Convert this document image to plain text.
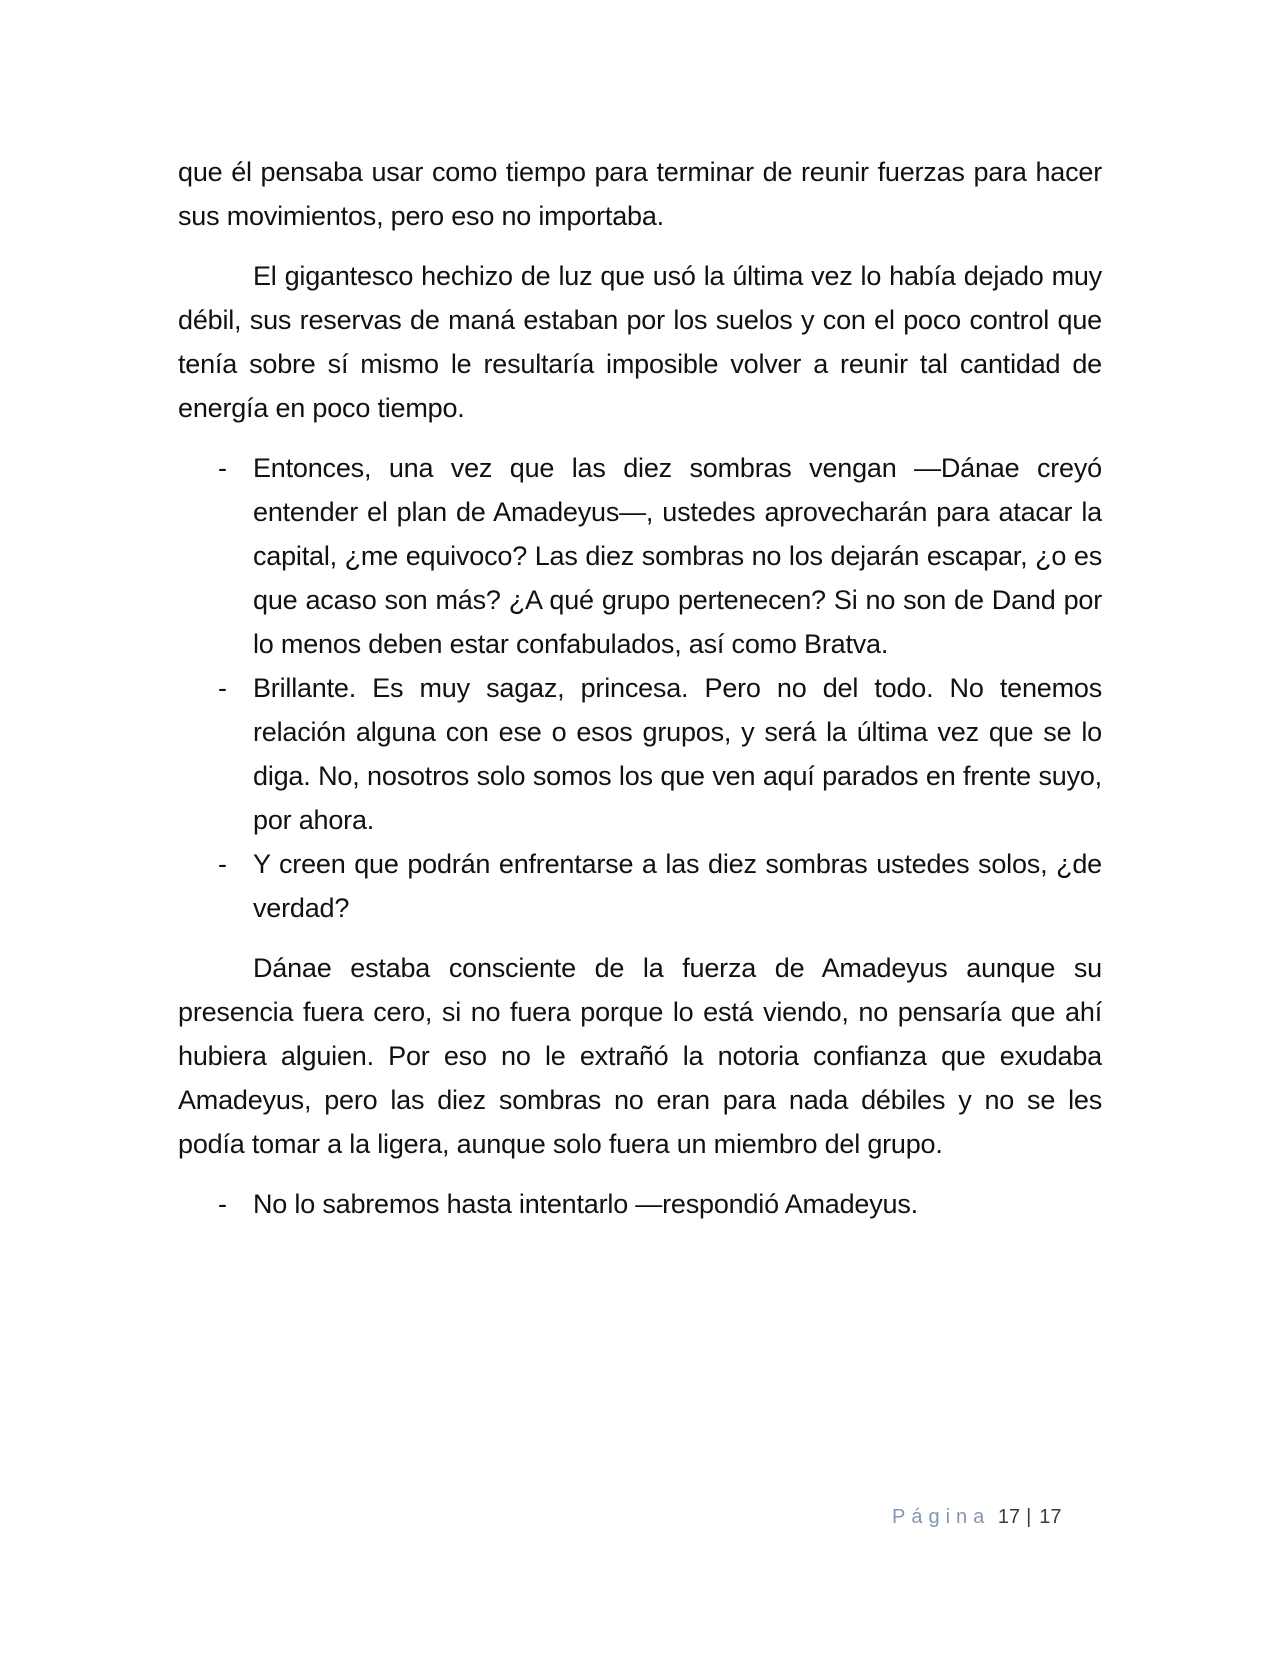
que él pensaba usar como tiempo para terminar de reunir fuerzas para hacer sus movimientos, pero eso no importaba.

El gigantesco hechizo de luz que usó la última vez lo había dejado muy débil, sus reservas de maná estaban por los suelos y con el poco control que tenía sobre sí mismo le resultaría imposible volver a reunir tal cantidad de energía en poco tiempo.

- Entonces, una vez que las diez sombras vengan —Dánae creyó entender el plan de Amadeyus—, ustedes aprovecharán para atacar la capital, ¿me equivoco? Las diez sombras no los dejarán escapar, ¿o es que acaso son más? ¿A qué grupo pertenecen? Si no son de Dand por lo menos deben estar confabulados, así como Bratva.
- Brillante. Es muy sagaz, princesa. Pero no del todo. No tenemos relación alguna con ese o esos grupos, y será la última vez que se lo diga. No, nosotros solo somos los que ven aquí parados en frente suyo, por ahora.
- Y creen que podrán enfrentarse a las diez sombras ustedes solos, ¿de verdad?

Dánae estaba consciente de la fuerza de Amadeyus aunque su presencia fuera cero, si no fuera porque lo está viendo, no pensaría que ahí hubiera alguien. Por eso no le extrañó la notoria confianza que exudaba Amadeyus, pero las diez sombras no eran para nada débiles y no se les podía tomar a la ligera, aunque solo fuera un miembro del grupo.

- No lo sabremos hasta intentarlo —respondió Amadeyus.
Página 17 | 17
